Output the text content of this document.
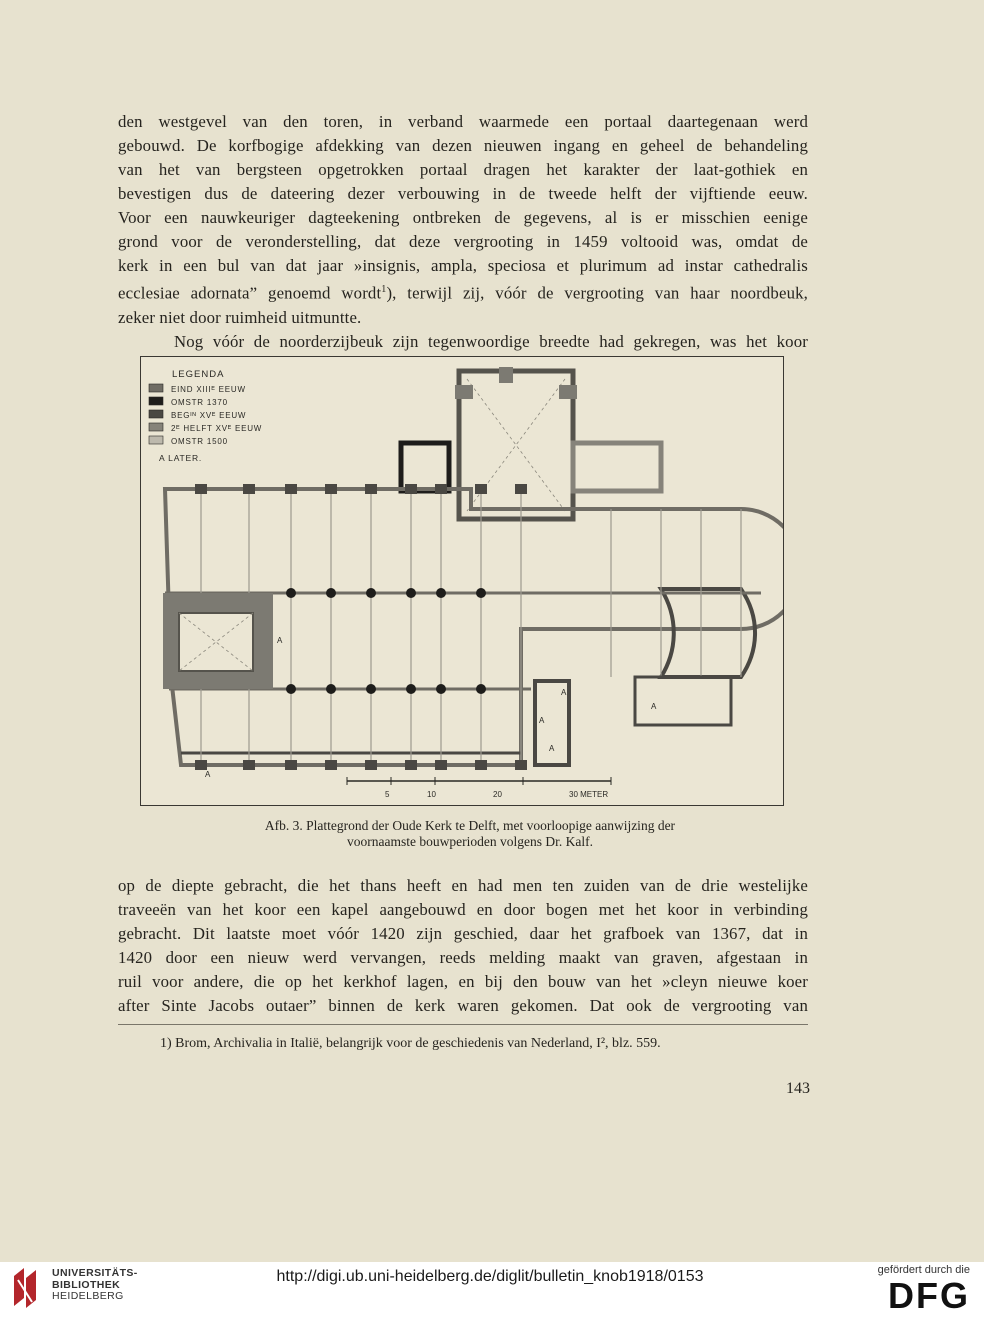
den westgevel van den toren, in verband waarmede een portaal daartegenaan werd
gebouwd. De korfbogige afdekking van dezen nieuwen ingang en geheel de behandeling
van het van bergsteen opgetrokken portaal dragen het karakter der laat-gothiek en
bevestigen dus de dateering dezer verbouwing in de tweede helft der vijftiende eeuw.
Voor een nauwkeuriger dagteekening ontbreken de gegevens, al is er misschien eenige
grond voor de veronderstelling, dat deze vergrooting in 1459 voltooid was, omdat de
kerk in een bul van dat jaar »insignis, ampla, speciosa et plurimum ad instar cathedralis
ecclesiae adornata” genoemd wordt$^1$), terwijl zij, vóór de vergrooting van haar noordbeuk,
zeker niet door ruimheid uitmuntte.
Nog vóór de noorderzijbeuk zijn tegenwoordige breedte had gekregen, was het koor
LEGENDA
EIND XIIIᴱ EEUW
OMSTR 1370
BEGᴵᴺ XVᴱ EEUW
2ᴱ HELFT XVᴱ EEUW
OMSTR 1500
A LATER.
A
A
A
A
A
A
5	10	20	30 METER
Afb. 3. Plattegrond der Oude Kerk te Delft, met voorloopige aanwijzing der
voornaamste bouwperioden volgens Dr. Kalf.
op de diepte gebracht, die het thans heeft en had men ten zuiden van de drie westelijke
traveeën van het koor een kapel aangebouwd en door bogen met het koor in verbinding
gebracht. Dit laatste moet vóór 1420 zijn geschied, daar het grafboek van 1367, dat in
1420 door een nieuw werd vervangen, reeds melding maakt van graven, afgestaan in
ruil voor andere, die op het kerkhof lagen, en bij den bouw van het »cleyn nieuwe koer
after Sinte Jacobs outaer” binnen de kerk waren gekomen. Dat ook de vergrooting van
1) Brom, Archivalia in Italië, belangrijk voor de geschiedenis van Nederland, I², blz. 559.
143
UNIVERSITÄTS-
BIBLIOTHEK
HEIDELBERG
http://digi.ub.uni-heidelberg.de/diglit/bulletin_knob1918/0153	gefördert durch die
DFG
